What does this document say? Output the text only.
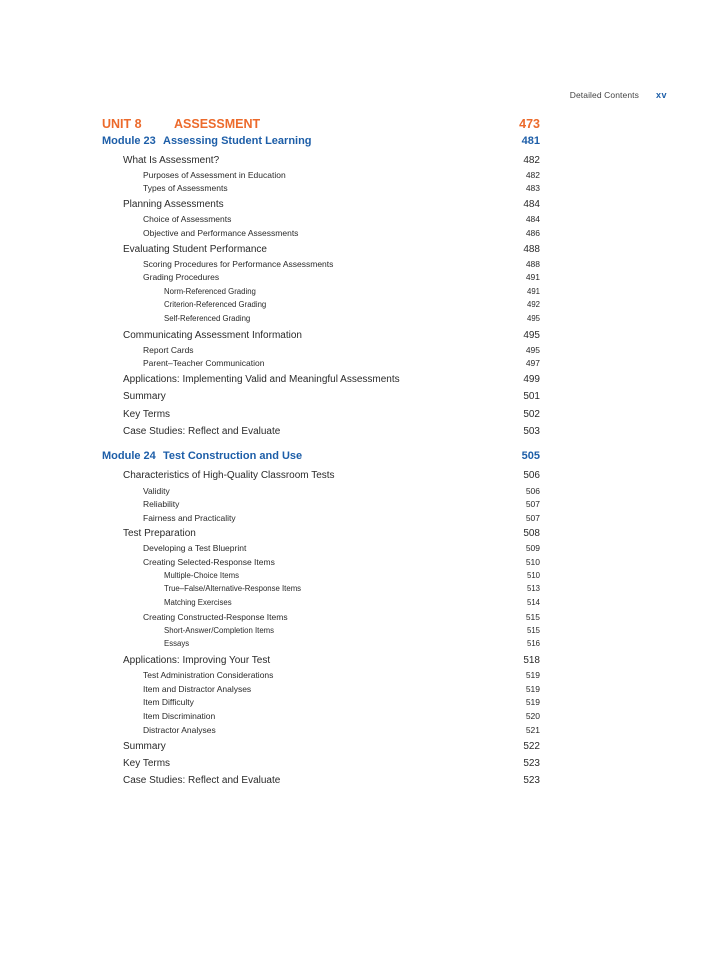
Detailed Contents xv
UNIT 8	ASSESSMENT	473
Module 23 Assessing Student Learning	481
What Is Assessment?	482
Purposes of Assessment in Education	482
Types of Assessments	483
Planning Assessments	484
Choice of Assessments	484
Objective and Performance Assessments	486
Evaluating Student Performance	488
Scoring Procedures for Performance Assessments	488
Grading Procedures	491
Norm-Referenced Grading	491
Criterion-Referenced Grading	492
Self-Referenced Grading	495
Communicating Assessment Information	495
Report Cards	495
Parent–Teacher Communication	497
Applications: Implementing Valid and Meaningful Assessments	499
Summary	501
Key Terms	502
Case Studies: Reflect and Evaluate	503
Module 24 Test Construction and Use	505
Characteristics of High-Quality Classroom Tests	506
Validity	506
Reliability	507
Fairness and Practicality	507
Test Preparation	508
Developing a Test Blueprint	509
Creating Selected-Response Items	510
Multiple-Choice Items	510
True–False/Alternative-Response Items	513
Matching Exercises	514
Creating Constructed-Response Items	515
Short-Answer/Completion Items	515
Essays	516
Applications: Improving Your Test	518
Test Administration Considerations	519
Item and Distractor Analyses	519
Item Difficulty	519
Item Discrimination	520
Distractor Analyses	521
Summary	522
Key Terms	523
Case Studies: Reflect and Evaluate	523
